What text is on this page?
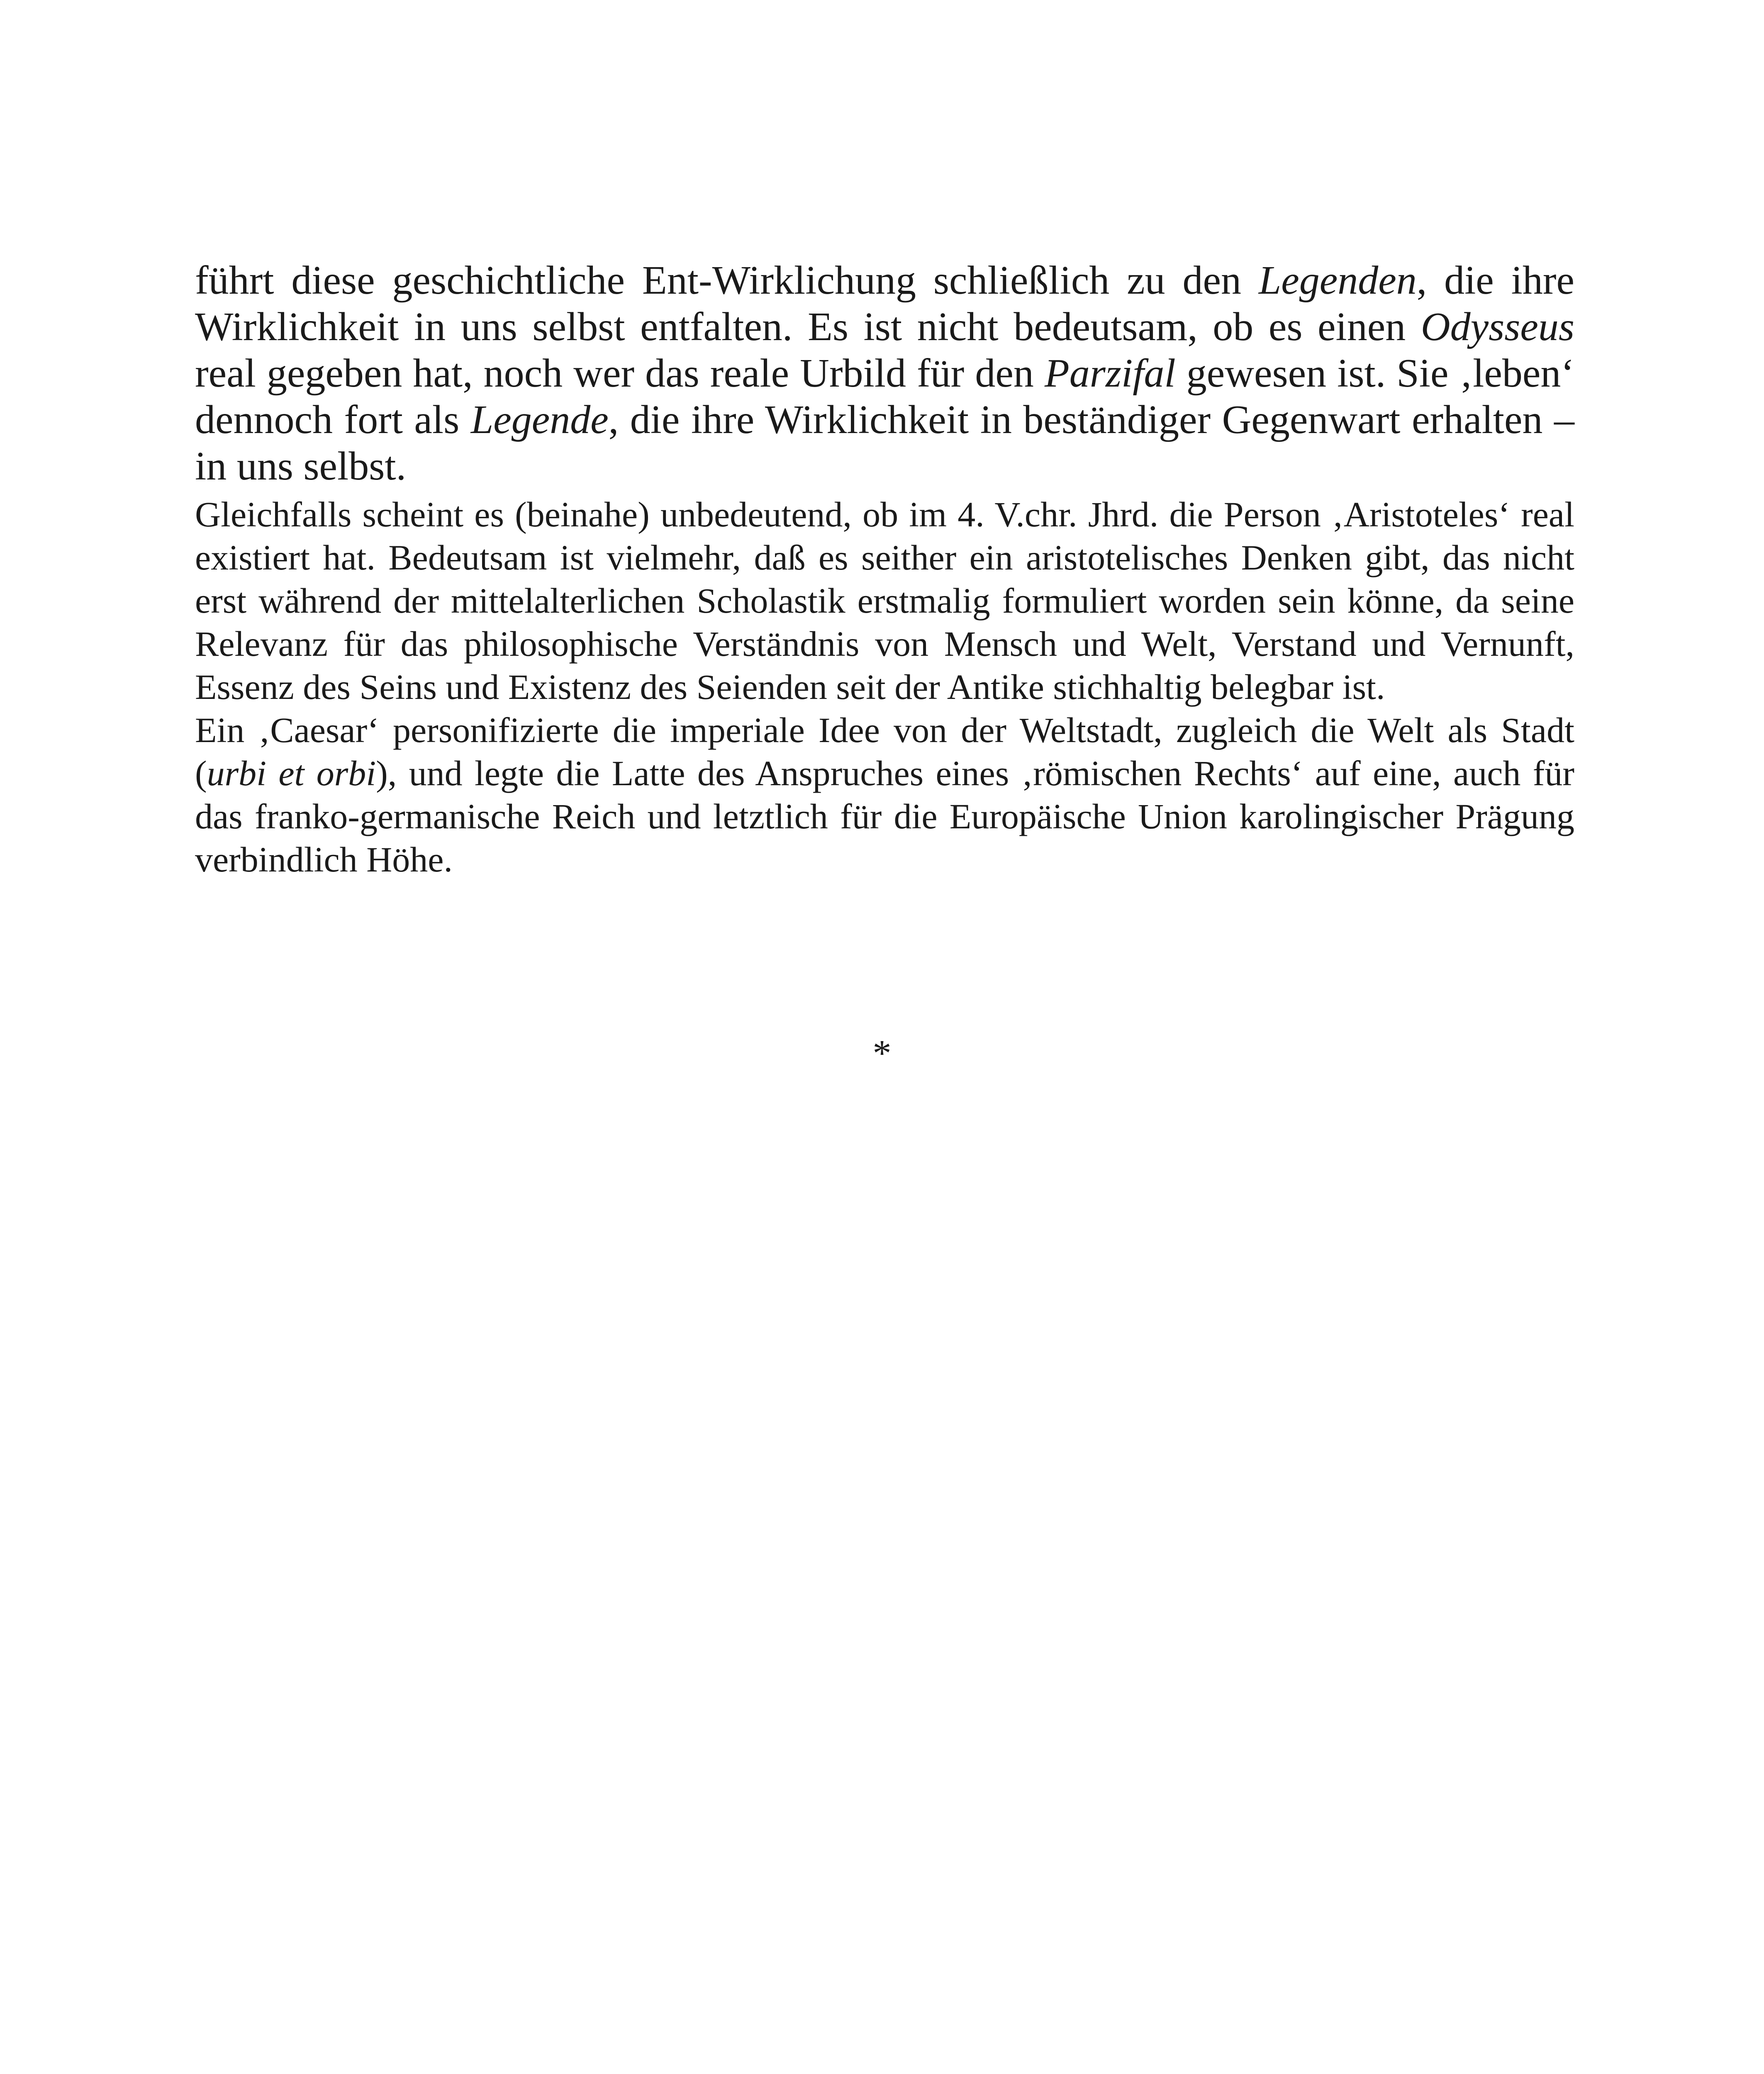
führt diese geschichtliche Ent-Wirklichung schließlich zu den Legenden, die ihre Wirklichkeit in uns selbst entfalten. Es ist nicht bedeutsam, ob es einen Odysseus real gegeben hat, noch wer das reale Urbild für den Parzifal gewesen ist. Sie ‚leben‘ dennoch fort als Legende, die ihre Wirklichkeit in beständiger Gegenwart erhalten – in uns selbst.

Gleichfalls scheint es (beinahe) unbedeutend, ob im 4. V.chr. Jhrd. die Person ‚Aristoteles‘ real existiert hat. Bedeutsam ist vielmehr, daß es seither ein aristotelisches Denken gibt, das nicht erst während der mittelalterlichen Scholastik erstmalig formuliert worden sein könne, da seine Relevanz für das philosophische Verständnis von Mensch und Welt, Verstand und Vernunft, Essenz des Seins und Existenz des Seienden seit der Antike stichhaltig belegbar ist.

Ein ‚Caesar‘ personifizierte die imperiale Idee von der Weltstadt, zugleich die Welt als Stadt (urbi et orbi), und legte die Latte des Anspruches eines ‚römischen Rechts‘ auf eine, auch für das franko-germanische Reich und letztlich für die Europäische Union karolingischer Prägung verbindlich Höhe.

*
